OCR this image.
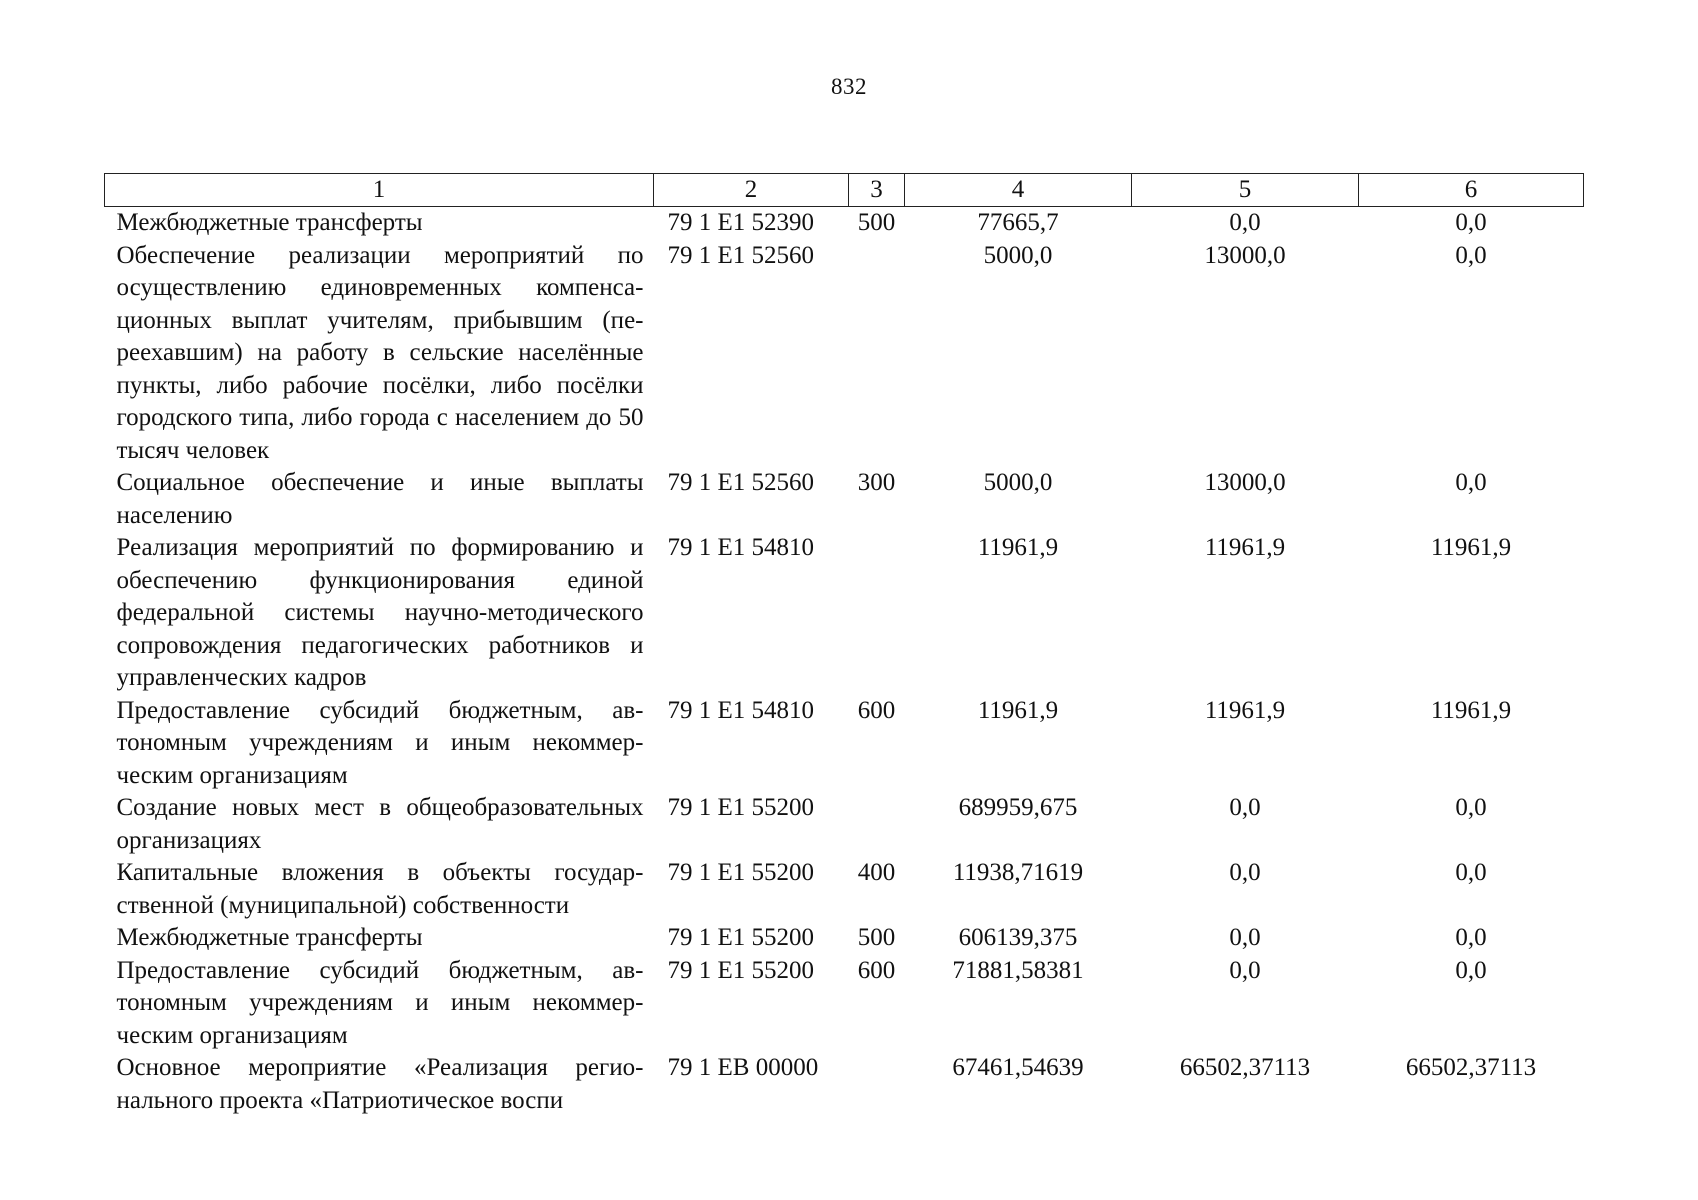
832
1	2	3	4	5	6
Межбюджетные трансферты	79 1 E1 52390	500	77665,7	0,0	0,0
Обеспечение реализации мероприятий по осуществлению единовременных компенсационных выплат учителям, прибывшим (переехавшим) на работу в сельские населённые пункты, либо рабочие посёлки, либо посёлки городского типа, либо города с населением до 50 тысяч человек	79 1 E1 52560		5000,0	13000,0	0,0
Социальное обеспечение и иные выплаты населению	79 1 E1 52560	300	5000,0	13000,0	0,0
Реализация мероприятий по формированию и обеспечению функционирования единой федеральной системы научно-методического сопровождения педагогических работников и управленческих кадров	79 1 E1 54810		11961,9	11961,9	11961,9
Предоставление субсидий бюджетным, автономным учреждениям и иным некоммерческим организациям	79 1 E1 54810	600	11961,9	11961,9	11961,9
Создание новых мест в общеобразовательных организациях	79 1 E1 55200		689959,675	0,0	0,0
Капитальные вложения в объекты государственной (муниципальной) собственности	79 1 E1 55200	400	11938,71619	0,0	0,0
Межбюджетные трансферты	79 1 E1 55200	500	606139,375	0,0	0,0
Предоставление субсидий бюджетным, автономным учреждениям и иным некоммерческим организациям	79 1 E1 55200	600	71881,58381	0,0	0,0
Основное мероприятие «Реализация регионального проекта «Патриотическое воспи	79 1 EB 00000		67461,54639	66502,37113	66502,37113
